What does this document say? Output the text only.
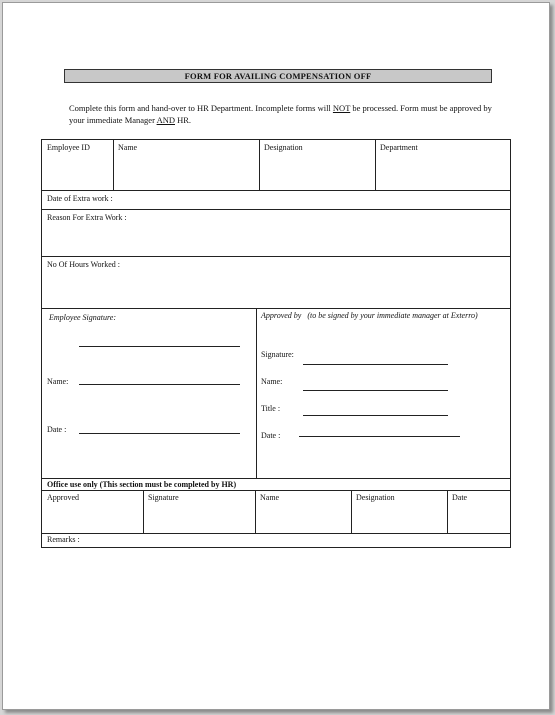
FORM FOR AVAILING COMPENSATION OFF
Complete this form and hand-over to HR Department. Incomplete forms will NOT be processed. Form must be approved by your immediate Manager AND HR.
Employee ID	Name	Designation	Department
Date of Extra work :
Reason For Extra Work :
No Of Hours Worked :
Employee Signature:
Name:
Date :
Approved by (to be signed by your immediate manager at Exterro)
Signature:
Name:
Title :
Date :
Office use only (This section must be completed by HR)
Approved	Signature	Name	Designation	Date
Remarks :
